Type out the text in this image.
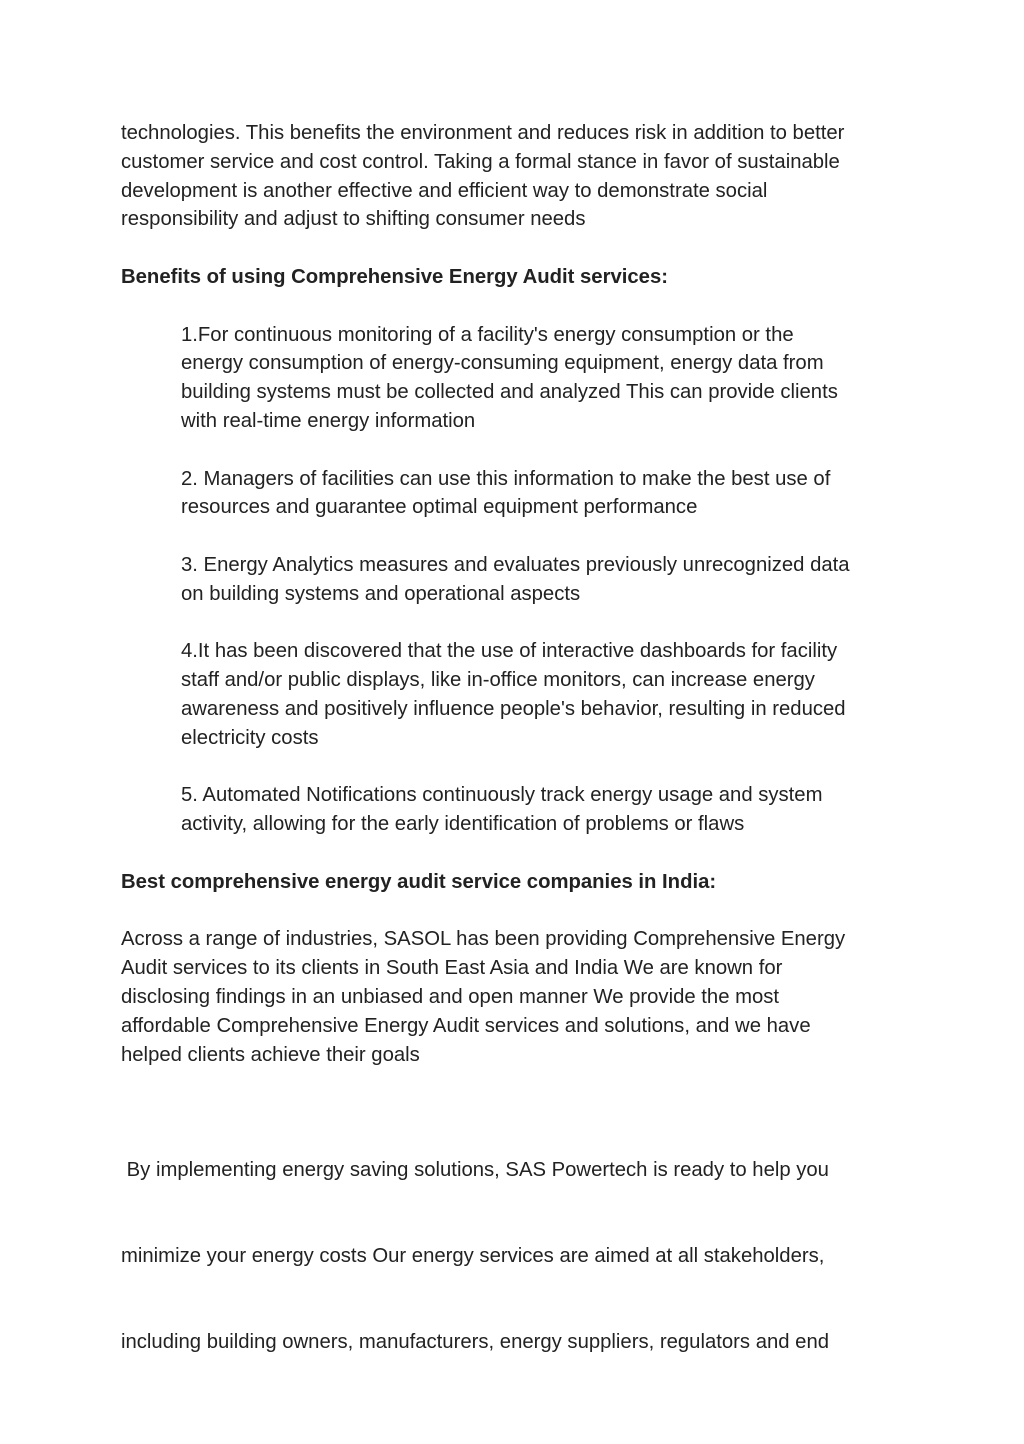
technologies. This benefits the environment and reduces risk in addition to better
customer service and cost control. Taking a formal stance in favor of sustainable
development is another effective and efficient way to demonstrate social
responsibility and adjust to shifting consumer needs

Benefits of using Comprehensive Energy Audit services:

1.For continuous monitoring of a facility's energy consumption or the
energy consumption of energy-consuming equipment, energy data from
building systems must be collected and analyzed This can provide clients
with real-time energy information

2. Managers of facilities can use this information to make the best use of
resources and guarantee optimal equipment performance

3. Energy Analytics measures and evaluates previously unrecognized data
on building systems and operational aspects

4.It has been discovered that the use of interactive dashboards for facility
staff and/or public displays, like in-office monitors, can increase energy
awareness and positively influence people's behavior, resulting in reduced
electricity costs

5. Automated Notifications continuously track energy usage and system
activity, allowing for the early identification of problems or flaws

Best comprehensive energy audit service companies in India:

Across a range of industries, SASOL has been providing Comprehensive Energy
Audit services to its clients in South East Asia and India We are known for
disclosing findings in an unbiased and open manner We provide the most
affordable Comprehensive Energy Audit services and solutions, and we have
helped clients achieve their goals

By implementing energy saving solutions, SAS Powertech is ready to help you

minimize your energy costs Our energy services are aimed at all stakeholders,

including building owners, manufacturers, energy suppliers, regulators and end
